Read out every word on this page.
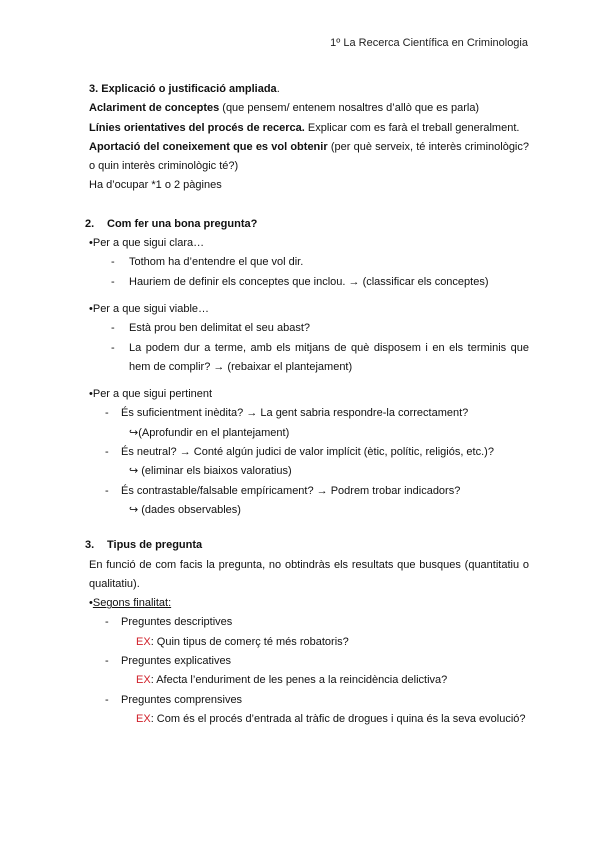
1º La Recerca Científica en Criminologia
3. Explicació o justificació ampliada.
Aclariment de conceptes (que pensem/ entenem nosaltres d’allò que es parla)
Línies orientatives del procés de recerca. Explicar com es farà el treball generalment.
Aportació del coneixement que es vol obtenir (per què serveix, té interès criminològic? o quin interès criminològic té?)
Ha d’ocupar *1 o 2 pàgines
2. Com fer una bona pregunta?
•Per a que sigui clara…
- Tothom ha d’entendre el que vol dir.
- Hauriem de definir els conceptes que inclou. → (classificar els conceptes)
•Per a que sigui viable…
- Està prou ben delimitat el seu abast?
- La podem dur a terme, amb els mitjans de què disposem i en els terminis que hem de complir? → (rebaixar el plantejament)
•Per a que sigui pertinent
- És suficientment inèdita? → La gent sabria respondre-la correctament?
↪(Aprofundir en el plantejament)
- És neutral? → Conté algún judici de valor implícit (ètic, polític, religiós, etc.)?
↪ (eliminar els biaixos valoratius)
- És contrastable/falsable empíricament? → Podrem trobar indicadors?
↪ (dades observables)
3. Tipus de pregunta
En funció de com facis la pregunta, no obtindràs els resultats que busques (quantitatiu o qualitatiu).
•Segons finalitat:
- Preguntes descriptives
EX: Quin tipus de comerç té més robatoris?
- Preguntes explicatives
EX: Afecta l’enduriment de les penes a la reincidència delictiva?
- Preguntes comprensives
EX: Com és el procés d’entrada al tràfic de drogues i quina és la seva evolució?
